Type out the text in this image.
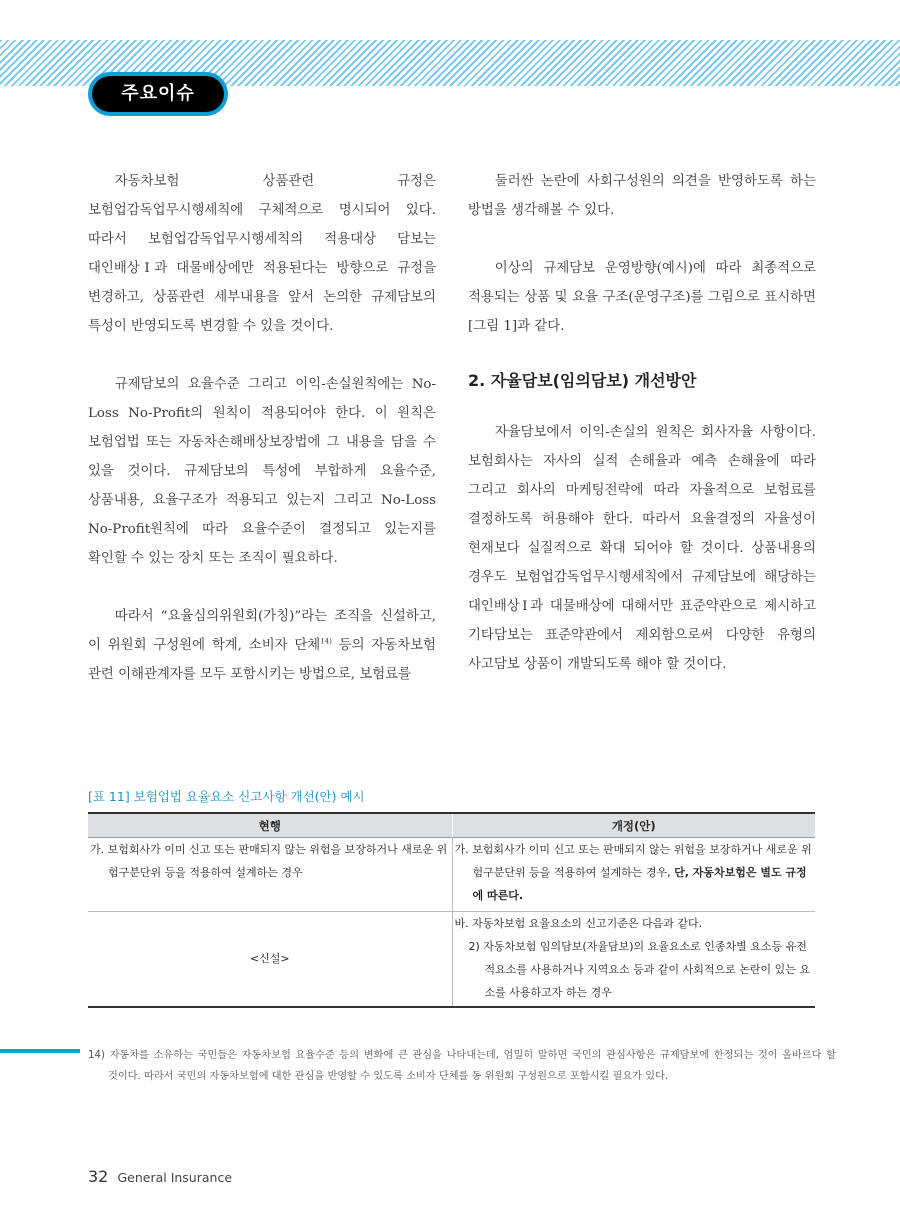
주요이슈

자동차보험 상품관련 규정은 보험업감독업무시행세칙에 구체적으로 명시되어 있다. 따라서 보험업감독업무시행세칙의 적용대상 담보는 대인배상Ⅰ과 대물배상에만 적용된다는 방향으로 규정을 변경하고, 상품관련 세부내용을 앞서 논의한 규제담보의 특성이 반영되도록 변경할 수 있을 것이다.

규제담보의 요율수준 그리고 이익-손실원칙에는 No-Loss No-Profit의 원칙이 적용되어야 한다. 이 원칙은 보험업법 또는 자동차손해배상보장법에 그 내용을 담을 수 있을 것이다. 규제담보의 특성에 부합하게 요율수준, 상품내용, 요율구조가 적용되고 있는지 그리고 No-Loss No-Profit원칙에 따라 요율수준이 결정되고 있는지를 확인할 수 있는 장치 또는 조직이 필요하다.

따라서 “요율심의위원회(가칭)”라는 조직을 신설하고, 이 위원회 구성원에 학계, 소비자 단체$^{14)}$ 등의 자동차보험 관련 이해관계자를 모두 포함시키는 방법으로, 보험료를

둘러싼 논란에 사회구성원의 의견을 반영하도록 하는 방법을 생각해볼 수 있다.

이상의 규제담보 운영방향(예시)에 따라 최종적으로 적용되는 상품 및 요율 구조(운영구조)를 그림으로 표시하면 [그림 1]과 같다.

2. 자율담보(임의담보) 개선방안

자율담보에서 이익-손실의 원칙은 회사자율 사항이다. 보험회사는 자사의 실적 손해율과 예측 손해율에 따라 그리고 회사의 마케팅전략에 따라 자율적으로 보험료를 결정하도록 허용해야 한다. 따라서 요율결정의 자율성이 현재보다 실질적으로 확대 되어야 할 것이다. 상품내용의 경우도 보험업감독업무시행세칙에서 규제담보에 해당하는 대인배상Ⅰ과 대물배상에 대해서만 표준약관으로 제시하고 기타담보는 표준약관에서 제외함으로써 다양한 유형의 사고담보 상품이 개발되도록 해야 할 것이다.

[표 11] 보험업법 요율요소 신고사항 개선(안) 예시
현행	개정(안)

가. 보험회사가 이미 신고 또는 판매되지 않는 위험을 보장하거나 새로운 위험구분단위 등을 적용하여 설계하는 경우	가. 보험회사가 이미 신고 또는 판매되지 않는 위험을 보장하거나 새로운 위험구분단위 등을 적용하여 설계하는 경우, 단, 자동차보험은 별도 규정에 따른다.

<신설>	바. 자동차보험 요율요소의 신고기준은 다음과 같다.
2) 자동차보험 임의담보(자율담보)의 요율요소로 인종차별 요소등 유전적요소를 사용하거나 지역요소 등과 같이 사회적으로 논란이 있는 요소를 사용하고자 하는 경우
14) 자동차를 소유하는 국민들은 자동차보험 요율수준 등의 변화에 큰 관심을 나타내는데, 엄밀히 말하면 국민의 관심사항은 규제담보에 한정되는 것이 올바르다 할 것이다. 따라서 국민의 자동차보험에 대한 관심을 반영할 수 있도록 소비자 단체를 동 위원회 구성원으로 포함시킬 필요가 있다.
32 General Insurance
